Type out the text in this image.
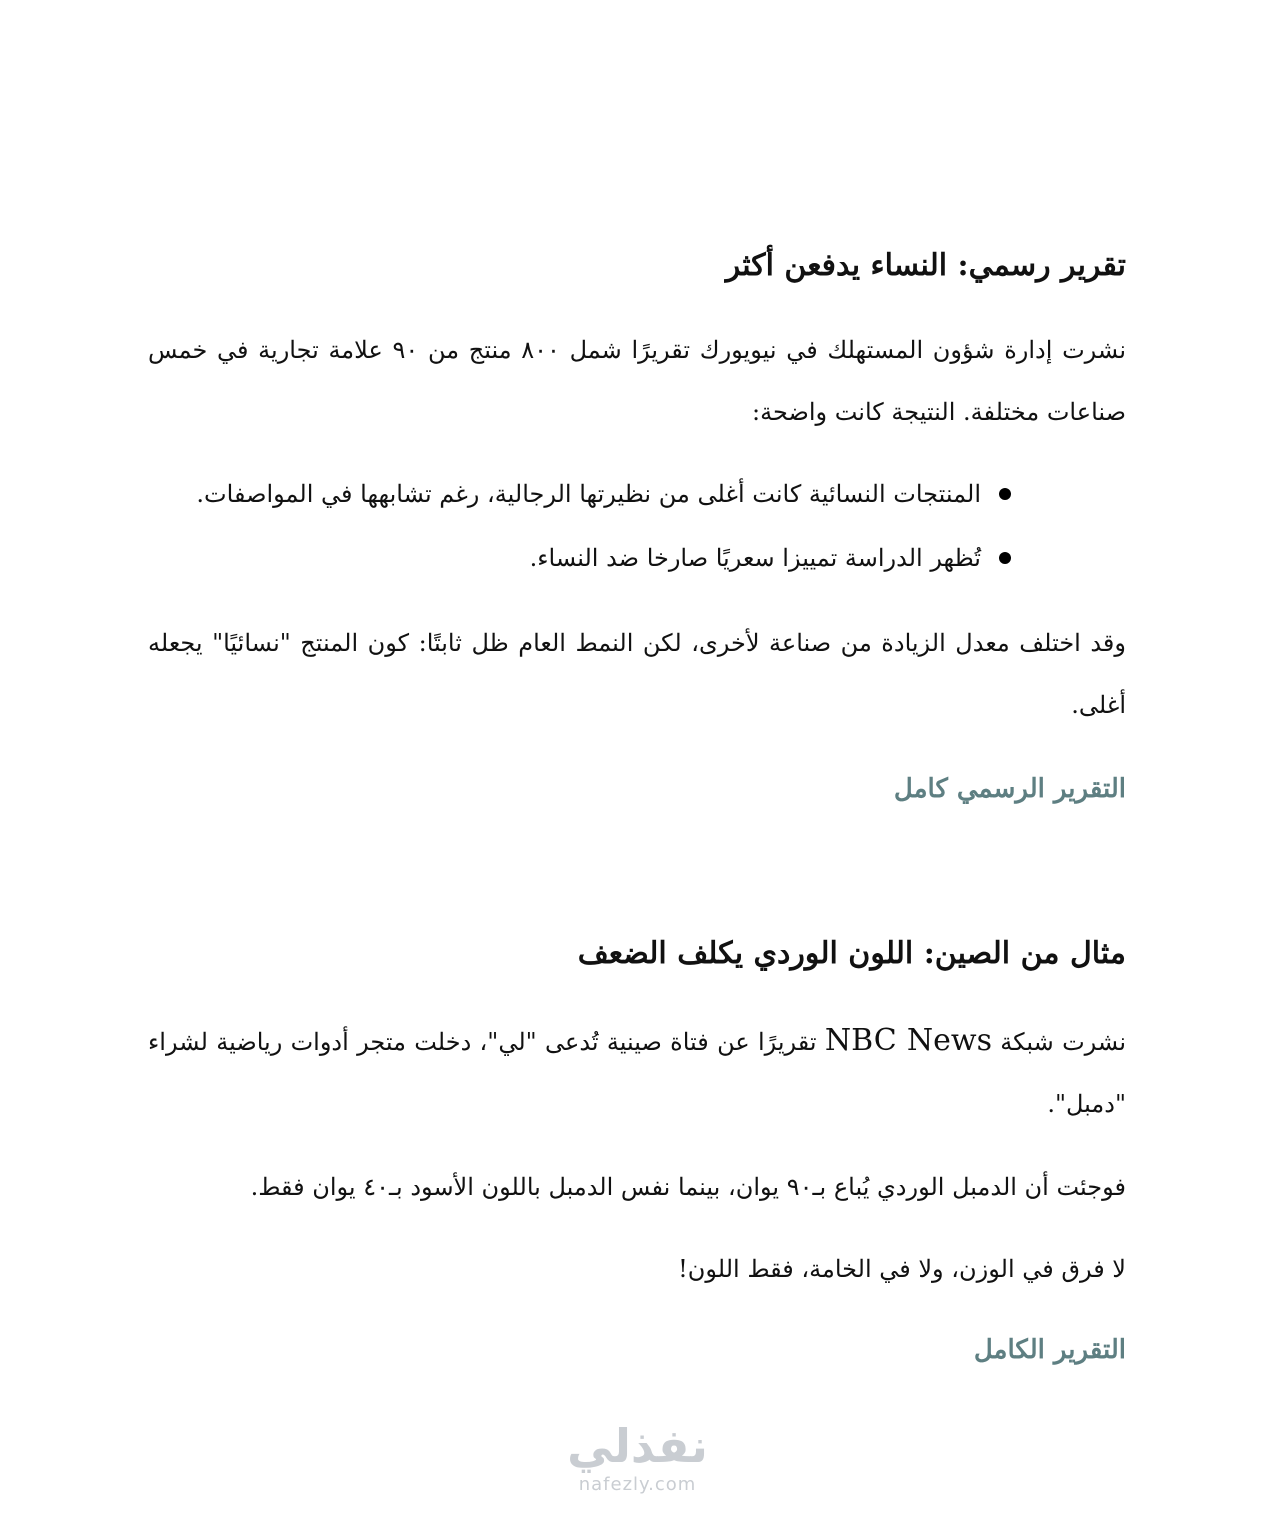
تقرير رسمي: النساء يدفعن أكثر

نشرت إدارة شؤون المستهلك في نيويورك تقريرًا شمل ٨٠٠ منتج من ٩٠ علامة تجارية في خمس صناعات مختلفة. النتيجة كانت واضحة:

المنتجات النسائية كانت أغلى من نظيرتها الرجالية، رغم تشابهها في المواصفات.
تُظهر الدراسة تمييزا سعريًا صارخا ضد النساء.

وقد اختلف معدل الزيادة من صناعة لأخرى، لكن النمط العام ظل ثابتًا: كون المنتج "نسائيًا" يجعله أغلى.

التقرير الرسمي كامل
مثال من الصين: اللون الوردي يكلف الضعف

نشرت شبكة NBC News تقريرًا عن فتاة صينية تُدعى "لي"، دخلت متجر أدوات رياضية لشراء "دمبل".

فوجئت أن الدمبل الوردي يُباع بـ٩٠ يوان، بينما نفس الدمبل باللون الأسود بـ٤٠ يوان فقط.

لا فرق في الوزن، ولا في الخامة، فقط اللون!

التقرير الكامل
نفذلي
nafezly.com
